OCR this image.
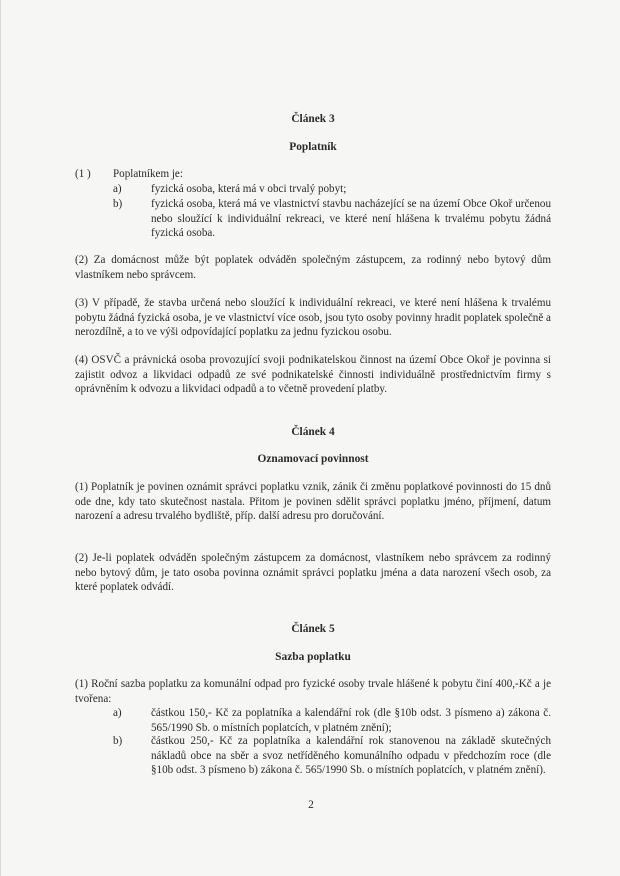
Článek 3
Poplatník
(1 ) Poplatníkem je:
a)	fyzická osoba, která má v obci trvalý pobyt;
b)	fyzická osoba, která má ve vlastnictví stavbu nacházející se na území Obce Okoř určenou nebo sloužící k individuální rekreaci, ve které není hlášena k trvalému pobytu žádná fyzická osoba.
(2) Za domácnost může být poplatek odváděn společným zástupcem, za rodinný nebo bytový dům vlastníkem nebo správcem.
(3) V případě, že stavba určená nebo sloužící k individuální rekreaci, ve které není hlášena k trvalému pobytu žádná fyzická osoba, je ve vlastnictví více osob, jsou tyto osoby povinny hradit poplatek společně a nerozdílně, a to ve výši odpovídající poplatku za jednu fyzickou osobu.
(4) OSVČ a právnická osoba provozující svoji podnikatelskou činnost na území Obce Okoř je povinna si zajistit odvoz a likvidaci odpadů ze své podnikatelské činnosti individuálně prostřednictvím firmy s oprávněním k odvozu a likvidaci odpadů a to včetně provedení platby.
Článek 4
Oznamovací povinnost
(1) Poplatník je povinen oznámit správci poplatku vznik, zánik či změnu poplatkové povinnosti do 15 dnů ode dne, kdy tato skutečnost nastala. Přitom je povinen sdělit správci poplatku jméno, příjmení, datum narození a adresu trvalého bydliště, příp. další adresu pro doručování.
(2) Je-li poplatek odváděn společným zástupcem za domácnost, vlastníkem nebo správcem za rodinný nebo bytový dům, je tato osoba povinna oznámit správci poplatku jména a data narození všech osob, za které poplatek odvádí.
Článek 5
Sazba poplatku
(1) Roční sazba poplatku za komunální odpad pro fyzické osoby trvale hlášené k pobytu činí 400,-Kč a je tvořena:
a)	částkou 150,- Kč za poplatníka a kalendářní rok (dle §10b odst. 3 písmeno a) zákona č. 565/1990 Sb. o místních poplatcích, v platném znění);
b)	částkou 250,- Kč za poplatníka a kalendářní rok stanovenou na základě skutečných nákladů obce na sběr a svoz netříděného komunálního odpadu v předchozím roce (dle §10b odst. 3 písmeno b) zákona č. 565/1990 Sb. o místních poplatcích, v platném znění).
2
